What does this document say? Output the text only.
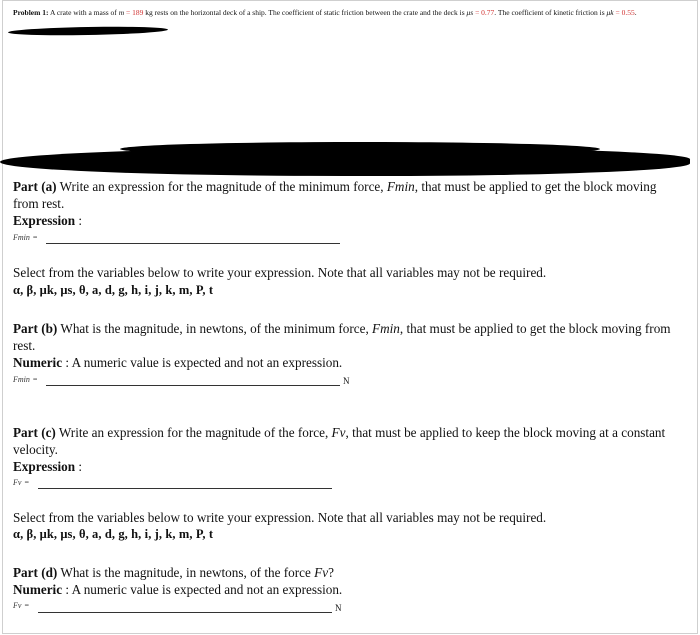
Problem 1: A crate with a mass of m = 189 kg rests on the horizontal deck of a ship. The coefficient of static friction between the crate and the deck is μs = 0.77. The coefficient of kinetic friction is μk = 0.55.
Part (a) Write an expression for the magnitude of the minimum force, Fmin, that must be applied to get the block moving from rest.
Expression :
Fmin =
Select from the variables below to write your expression. Note that all variables may not be required.
α, β, μk, μs, θ, a, d, g, h, i, j, k, m, P, t
Part (b) What is the magnitude, in newtons, of the minimum force, Fmin, that must be applied to get the block moving from rest.
Numeric : A numeric value is expected and not an expression.
Fmin =	N
Part (c) Write an expression for the magnitude of the force, Fv, that must be applied to keep the block moving at a constant velocity.
Expression :
Fv =
Select from the variables below to write your expression. Note that all variables may not be required.
α, β, μk, μs, θ, a, d, g, h, i, j, k, m, P, t
Part (d) What is the magnitude, in newtons, of the force Fv?
Numeric : A numeric value is expected and not an expression.
Fv =	N
